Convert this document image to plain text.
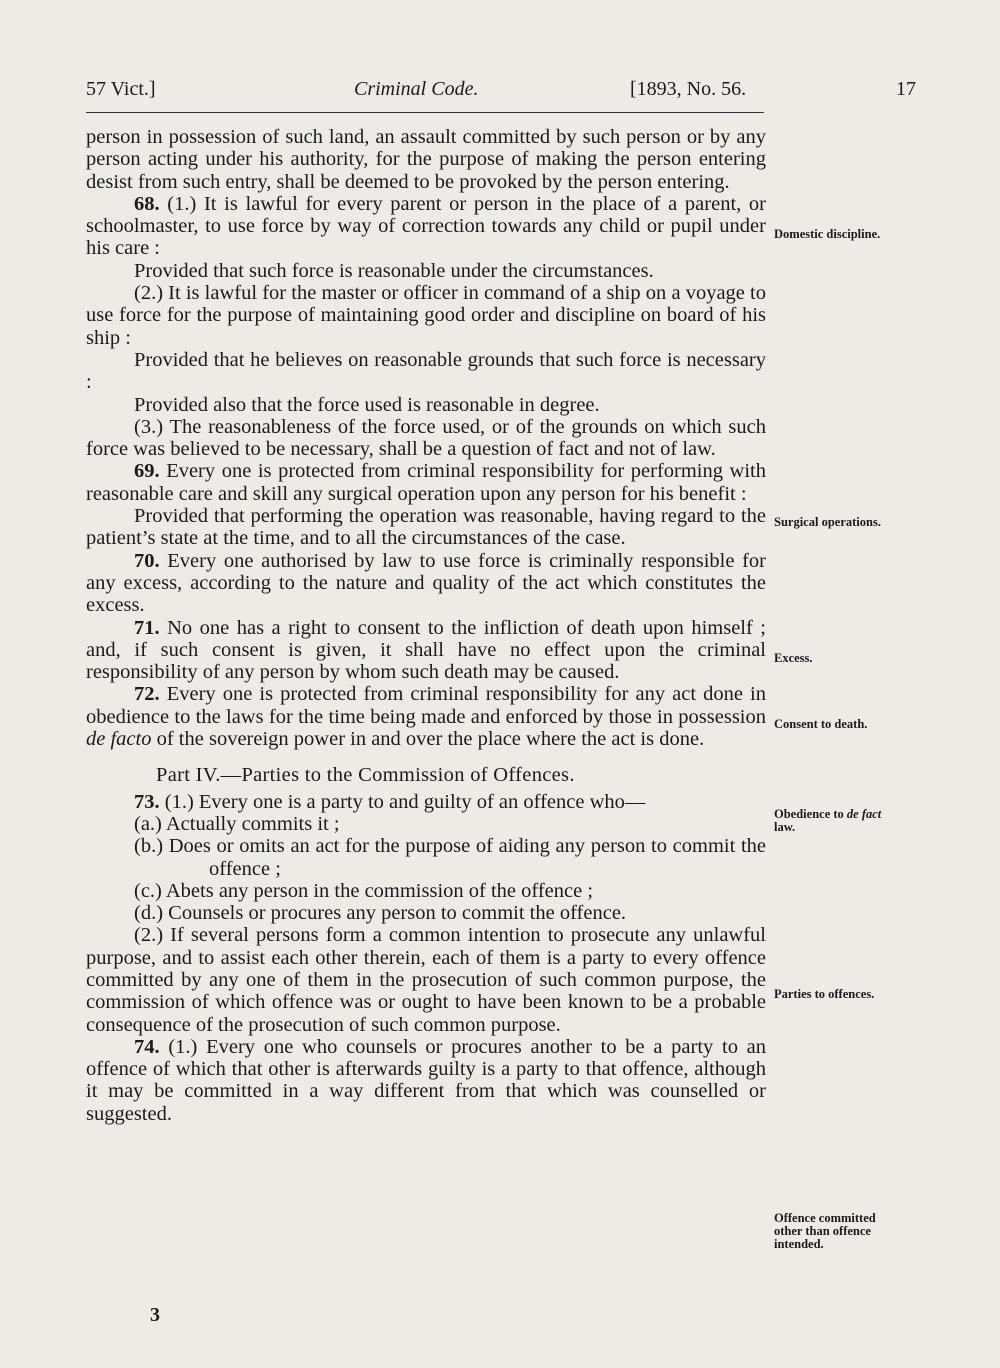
57 Vict.]	Criminal Code.	[1893, No. 56.	17

person in possession of such land, an assault committed by such person or by any person acting under his authority, for the purpose of making the person entering desist from such entry, shall be deemed to be provoked by the person entering.

68. (1.) It is lawful for every parent or person in the place of a parent, or schoolmaster, to use force by way of correction towards any child or pupil under his care :

Provided that such force is reasonable under the circumstances.

(2.) It is lawful for the master or officer in command of a ship on a voyage to use force for the purpose of maintaining good order and discipline on board of his ship :

Provided that he believes on reasonable grounds that such force is necessary :

Provided also that the force used is reasonable in degree.

(3.) The reasonableness of the force used, or of the grounds on which such force was believed to be necessary, shall be a question of fact and not of law.

69. Every one is protected from criminal responsibility for performing with reasonable care and skill any surgical operation upon any person for his benefit :

Provided that performing the operation was reasonable, having regard to the patient’s state at the time, and to all the circumstances of the case.

70. Every one authorised by law to use force is criminally responsible for any excess, according to the nature and quality of the act which constitutes the excess.

71. No one has a right to consent to the infliction of death upon himself ; and, if such consent is given, it shall have no effect upon the criminal responsibility of any person by whom such death may be caused.

72. Every one is protected from criminal responsibility for any act done in obedience to the laws for the time being made and enforced by those in possession de facto of the sovereign power in and over the place where the act is done.

Part IV.—Parties to the Commission of Offences.

73. (1.) Every one is a party to and guilty of an offence who—

(a.) Actually commits it ;

(b.) Does or omits an act for the purpose of aiding any person to commit the offence ;

(c.) Abets any person in the commission of the offence ;

(d.) Counsels or procures any person to commit the offence.

(2.) If several persons form a common intention to prosecute any unlawful purpose, and to assist each other therein, each of them is a party to every offence committed by any one of them in the prosecution of such common purpose, the commission of which offence was or ought to have been known to be a probable consequence of the prosecution of such common purpose.

74. (1.) Every one who counsels or procures another to be a party to an offence of which that other is afterwards guilty is a party to that offence, although it may be committed in a way different from that which was counselled or suggested.

Domestic discipline.
Surgical operations.
Excess.
Consent to death.
Obedience to de fact
law.
Parties to offences.
Offence committed other than offence intended.
3
